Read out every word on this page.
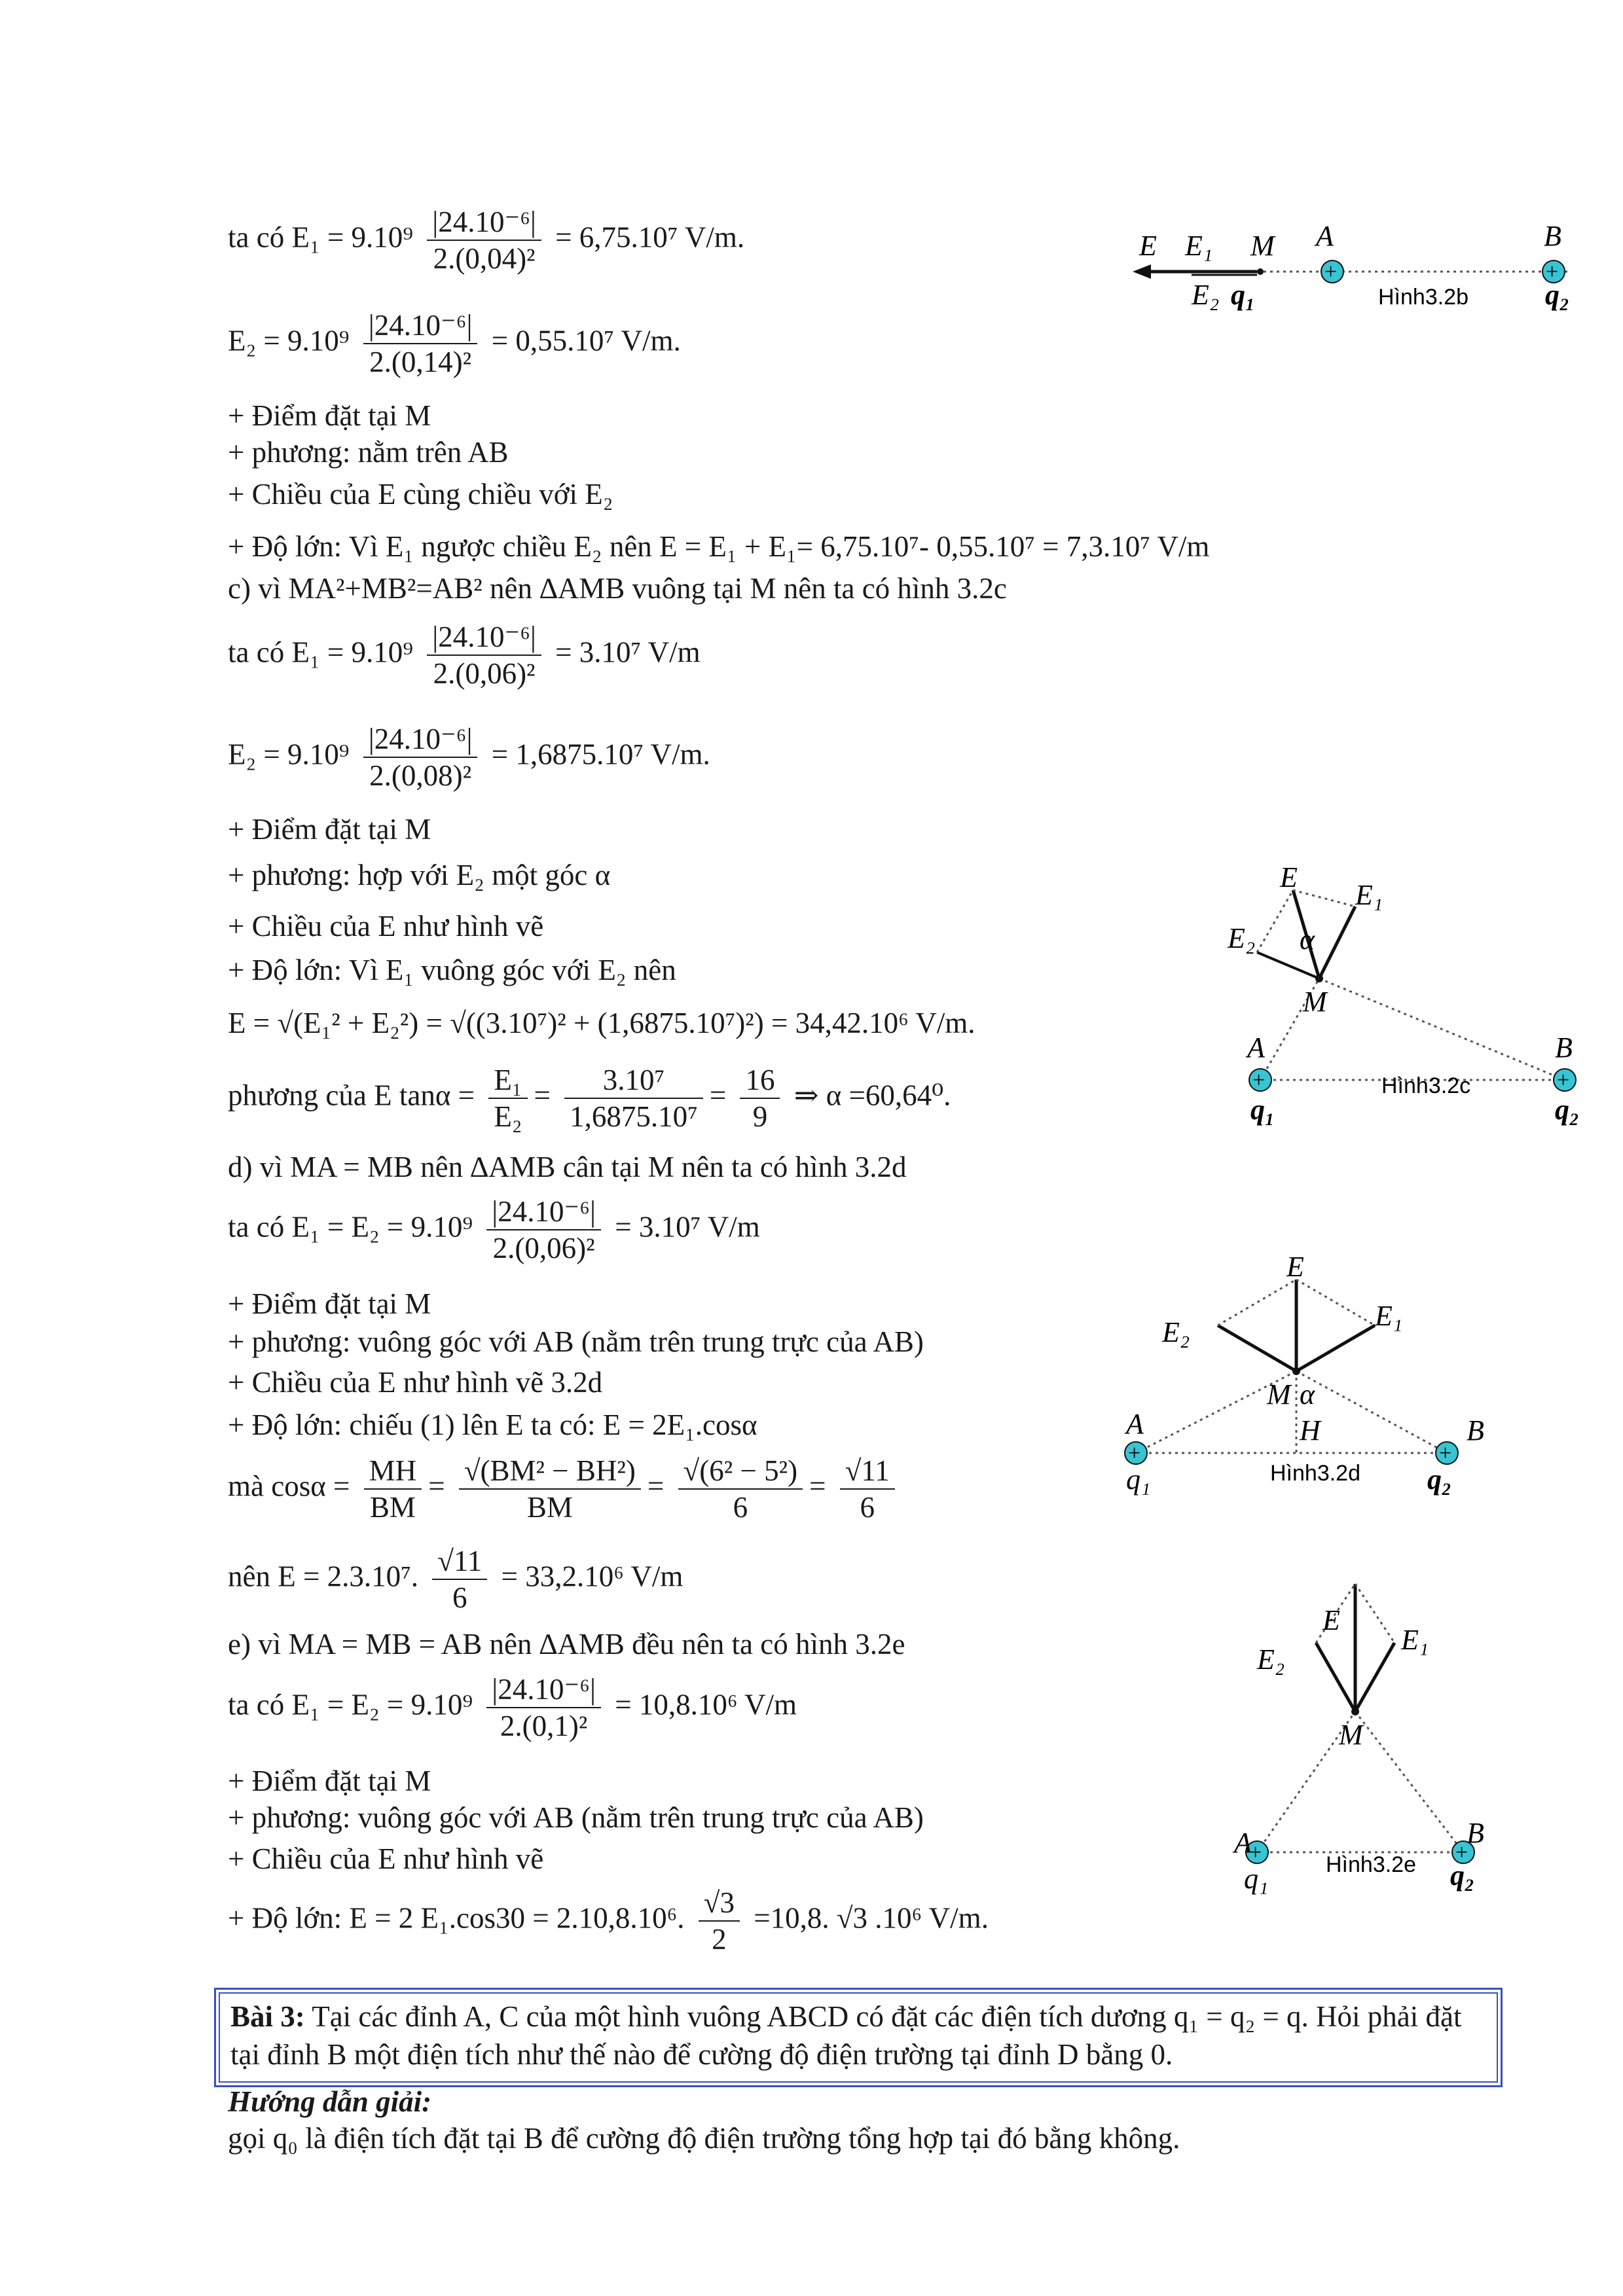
ta có $E_1 = 9.10^9 \frac{\text{|24.10⁻⁶|}}{\text{2.(0,04)²}} = 6,75.10^7$ V/m.
$E_2 = 9.10^9 \frac{\text{|24.10⁻⁶|}}{\text{2.(0,14)²}} = 0,55.10^7$ V/m.
+ Điểm đặt tại M
+ phương: nằm trên AB
+ Chiều của E cùng chiều với E₂
+ Độ lớn: Vì E₁ ngược chiều E₂ nên E = E₁ + E₁= 6,75.10⁷- 0,55.10⁷ = 7,3.10⁷ V/m
c) vì MA²+MB²=AB² nên ∆AMB vuông tại M nên ta có hình 3.2c
ta có $E_1 = 9.10^9 \frac{\text{|24.10⁻⁶|}}{\text{2.(0,06)²}} = 3.10^7$ V/m
$E_2 = 9.10^9 \frac{\text{|24.10⁻⁶|}}{\text{2.(0,08)²}} = 1,6875.10^7$ V/m.
+ Điểm đặt tại M
+ phương: hợp với E₂ một góc α
+ Chiều của E như hình vẽ
+ Độ lớn: Vì E₁ vuông góc với E₂ nên
E = √(E₁² + E₂²) = √((3.10⁷)² + (1,6875.10⁷)²) = 34,42.10⁶ V/m.
phương của E $\tan\alpha = \frac{\text{E₁}}{\text{E₂}} = \frac{\text{3.10⁷}}{\text{1,6875.10⁷}} = \frac{16}{9}$ ⇒ α =60,64⁰.
d) vì MA = MB nên ∆AMB cân tại M nên ta có hình 3.2d
ta có $E_1 = E_2 = 9.10^9 \frac{\text{|24.10⁻⁶|}}{\text{2.(0,06)²}} = 3.10^7$ V/m
+ Điểm đặt tại M
+ phương: vuông góc với AB (nằm trên trung trực của AB)
+ Chiều của E như hình vẽ 3.2d
+ Độ lớn: chiếu (1) lên E ta có: E = 2E₁.cosα
mà $\cos\alpha = \frac{MH}{BM} = \frac{\text{√(BM² − BH²)}}{BM} = \frac{\text{√(6² − 5²)}}{6} = \frac{√11}{6}$
nên E = 2.3.10⁷. $\frac{√11}{6} = 33,2.10^6$ V/m
e) vì MA = MB = AB nên ∆AMB đều nên ta có hình 3.2e
ta có $E_1 = E_2 = 9.10^9 \frac{\text{|24.10⁻⁶|}}{\text{2.(0,1)²}} = 10,8.10^6$ V/m
+ Điểm đặt tại M
+ phương: vuông góc với AB (nằm trên trung trực của AB)
+ Chiều của E như hình vẽ
+ Độ lớn: E = 2 E₁.cos30 = 2.10,8.10⁶. $\frac{√3}{2} =10,8$. √3 .10⁶ V/m.
Bài 3: Tại các đỉnh A, C của một hình vuông ABCD có đặt các điện tích dương q₁ = q₂ = q. Hỏi phải đặt tại đỉnh B một điện tích như thế nào để cường độ điện trường tại đỉnh D bằng 0.
Hướng dẫn giải:
gọi q₀ là điện tích đặt tại B để cường độ điện trường tổng hợp tại đó bằng không.
+	+
E E₁ M A	B
E₂ q₁	q₂
Hình3.2b
+	+
E
E₁
E₂ α
M
A	B
q₁	q₂
Hình3.2c
+	+
E
E₁
E₂
M α
H
A	B
q₁	q₂
Hình3.2d
+	+
E
E₁
E₂
M
A	B
q₁	q₂
Hình3.2e
